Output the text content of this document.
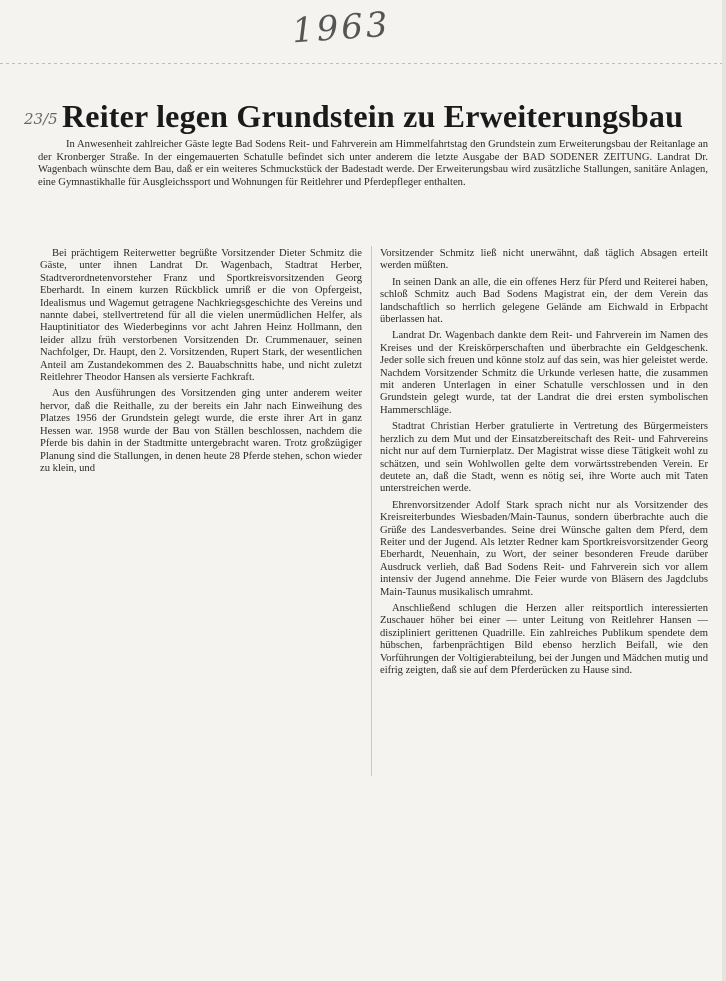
1963
23/5 Reiter legen Grundstein zu Erweiterungsbau

In Anwesenheit zahlreicher Gäste legte Bad Sodens Reit- und Fahrverein am Himmelfahrtstag den Grundstein zum Erweiterungsbau der Reitanlage an der Kronberger Straße. In der eingemauerten Schatulle befindet sich unter anderem die letzte Ausgabe der BAD SODENER ZEITUNG. Landrat Dr. Wagenbach wünschte dem Bau, daß er ein weiteres Schmuckstück der Badestadt werde. Der Erweiterungsbau wird zusätzliche Stallungen, sanitäre Anlagen, eine Gymnastikhalle für Ausgleichssport und Wohnungen für Reitlehrer und Pferdepfleger enthalten.

Bei prächtigem Reiterwetter begrüßte Vorsitzender Dieter Schmitz die Gäste, unter ihnen Landrat Dr. Wagenbach, Stadtrat Herber, Stadtverordnetenvorsteher Franz und Sportkreisvorsitzenden Georg Eberhardt. In einem kurzen Rückblick umriß er die von Opfergeist, Idealismus und Wagemut getragene Nachkriegsgeschichte des Vereins und nannte dabei, stellvertretend für all die vielen unermüdlichen Helfer, als Hauptinitiator des Wiederbeginns vor acht Jahren Heinz Hollmann, den leider allzu früh verstorbenen Vorsitzenden Dr. Crummenauer, seinen Nachfolger, Dr. Haupt, den 2. Vorsitzenden, Rupert Stark, der wesentlichen Anteil am Zustandekommen des 2. Bauabschnitts habe, und nicht zuletzt Reitlehrer Theodor Hansen als versierte Fachkraft.

Aus den Ausführungen des Vorsitzenden ging unter anderem weiter hervor, daß die Reithalle, zu der bereits ein Jahr nach Einweihung des Platzes 1956 der Grundstein gelegt wurde, die erste ihrer Art in ganz Hessen war. 1958 wurde der Bau von Ställen beschlossen, nachdem die Pferde bis dahin in der Stadtmitte untergebracht waren. Trotz großzügiger Planung sind die Stallungen, in denen heute 28 Pferde stehen, schon wieder zu klein, und

Vorsitzender Schmitz ließ nicht unerwähnt, daß täglich Absagen erteilt werden müßten.

In seinen Dank an alle, die ein offenes Herz für Pferd und Reiterei haben, schloß Schmitz auch Bad Sodens Magistrat ein, der dem Verein das landschaftlich so herrlich gelegene Gelände am Eichwald in Erbpacht überlassen hat.

Landrat Dr. Wagenbach dankte dem Reit- und Fahrverein im Namen des Kreises und der Kreiskörperschaften und überbrachte ein Geldgeschenk. Jeder solle sich freuen und könne stolz auf das sein, was hier geleistet werde. Nachdem Vorsitzender Schmitz die Urkunde verlesen hatte, die zusammen mit anderen Unterlagen in einer Schatulle verschlossen und in den Grundstein gelegt wurde, tat der Landrat die drei ersten symbolischen Hammerschläge.

Stadtrat Christian Herber gratulierte in Vertretung des Bürgermeisters herzlich zu dem Mut und der Einsatzbereitschaft des Reit- und Fahrvereins nicht nur auf dem Turnierplatz. Der Magistrat wisse diese Tätigkeit wohl zu schätzen, und sein Wohlwollen gelte dem vorwärtsstrebenden Verein. Er deutete an, daß die Stadt, wenn es nötig sei, ihre Worte auch mit Taten unterstreichen werde.

Ehrenvorsitzender Adolf Stark sprach nicht nur als Vorsitzender des Kreisreiterbundes Wiesbaden/Main-Taunus, sondern überbrachte auch die Grüße des Landesverbandes. Seine drei Wünsche galten dem Pferd, dem Reiter und der Jugend. Als letzter Redner kam Sportkreisvorsitzender Georg Eberhardt, Neuenhain, zu Wort, der seiner besonderen Freude darüber Ausdruck verlieh, daß Bad Sodens Reit- und Fahrverein sich vor allem intensiv der Jugend annehme. Die Feier wurde von Bläsern des Jagdclubs Main-Taunus musikalisch umrahmt.

Anschließend schlugen die Herzen aller reitsportlich interessierten Zuschauer höher bei einer — unter Leitung von Reitlehrer Hansen — diszipliniert gerittenen Quadrille. Ein zahlreiches Publikum spendete dem hübschen, farbenprächtigen Bild ebenso herzlich Beifall, wie den Vorführungen der Voltigierabteilung, bei der Jungen und Mädchen mutig und eifrig zeigten, daß sie auf dem Pferderücken zu Hause sind.
